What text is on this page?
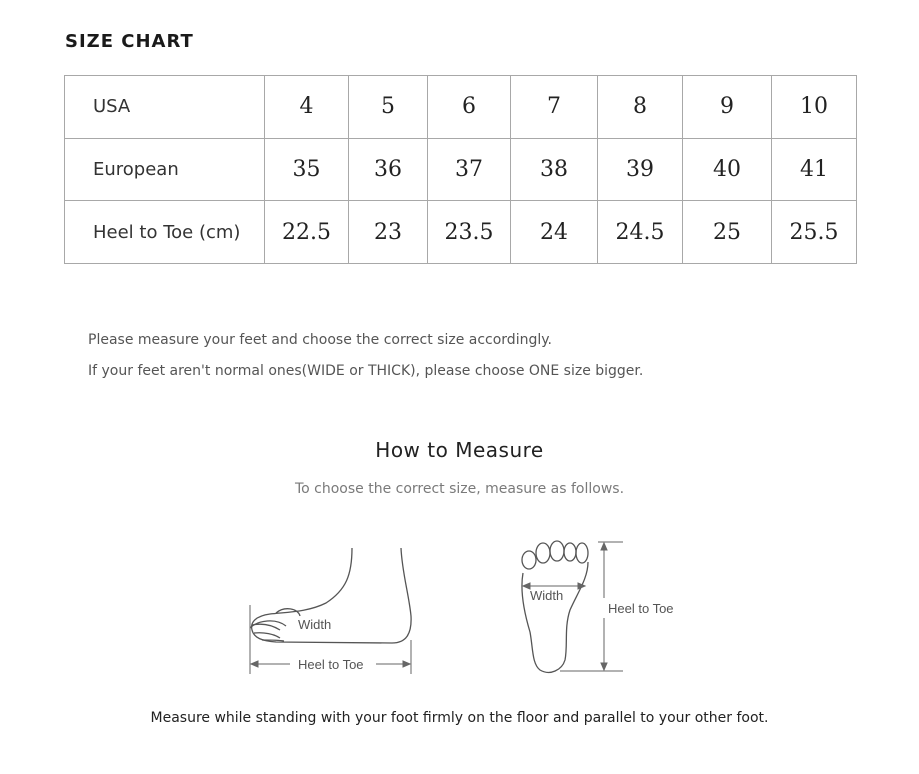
SIZE CHART
USA	4	5	6	7	8	9	10
European	35	36	37	38	39	40	41
Heel to Toe (cm)	22.5	23	23.5	24	24.5	25	25.5
Please measure your feet and choose the correct size accordingly.
If your feet aren't normal ones(WIDE or THICK), please choose ONE size bigger.
How to Measure
To choose the correct size, measure as follows.
Width
Heel to Toe
Width
Heel to Toe
Measure while standing with your foot firmly on the floor and parallel to your other foot.
